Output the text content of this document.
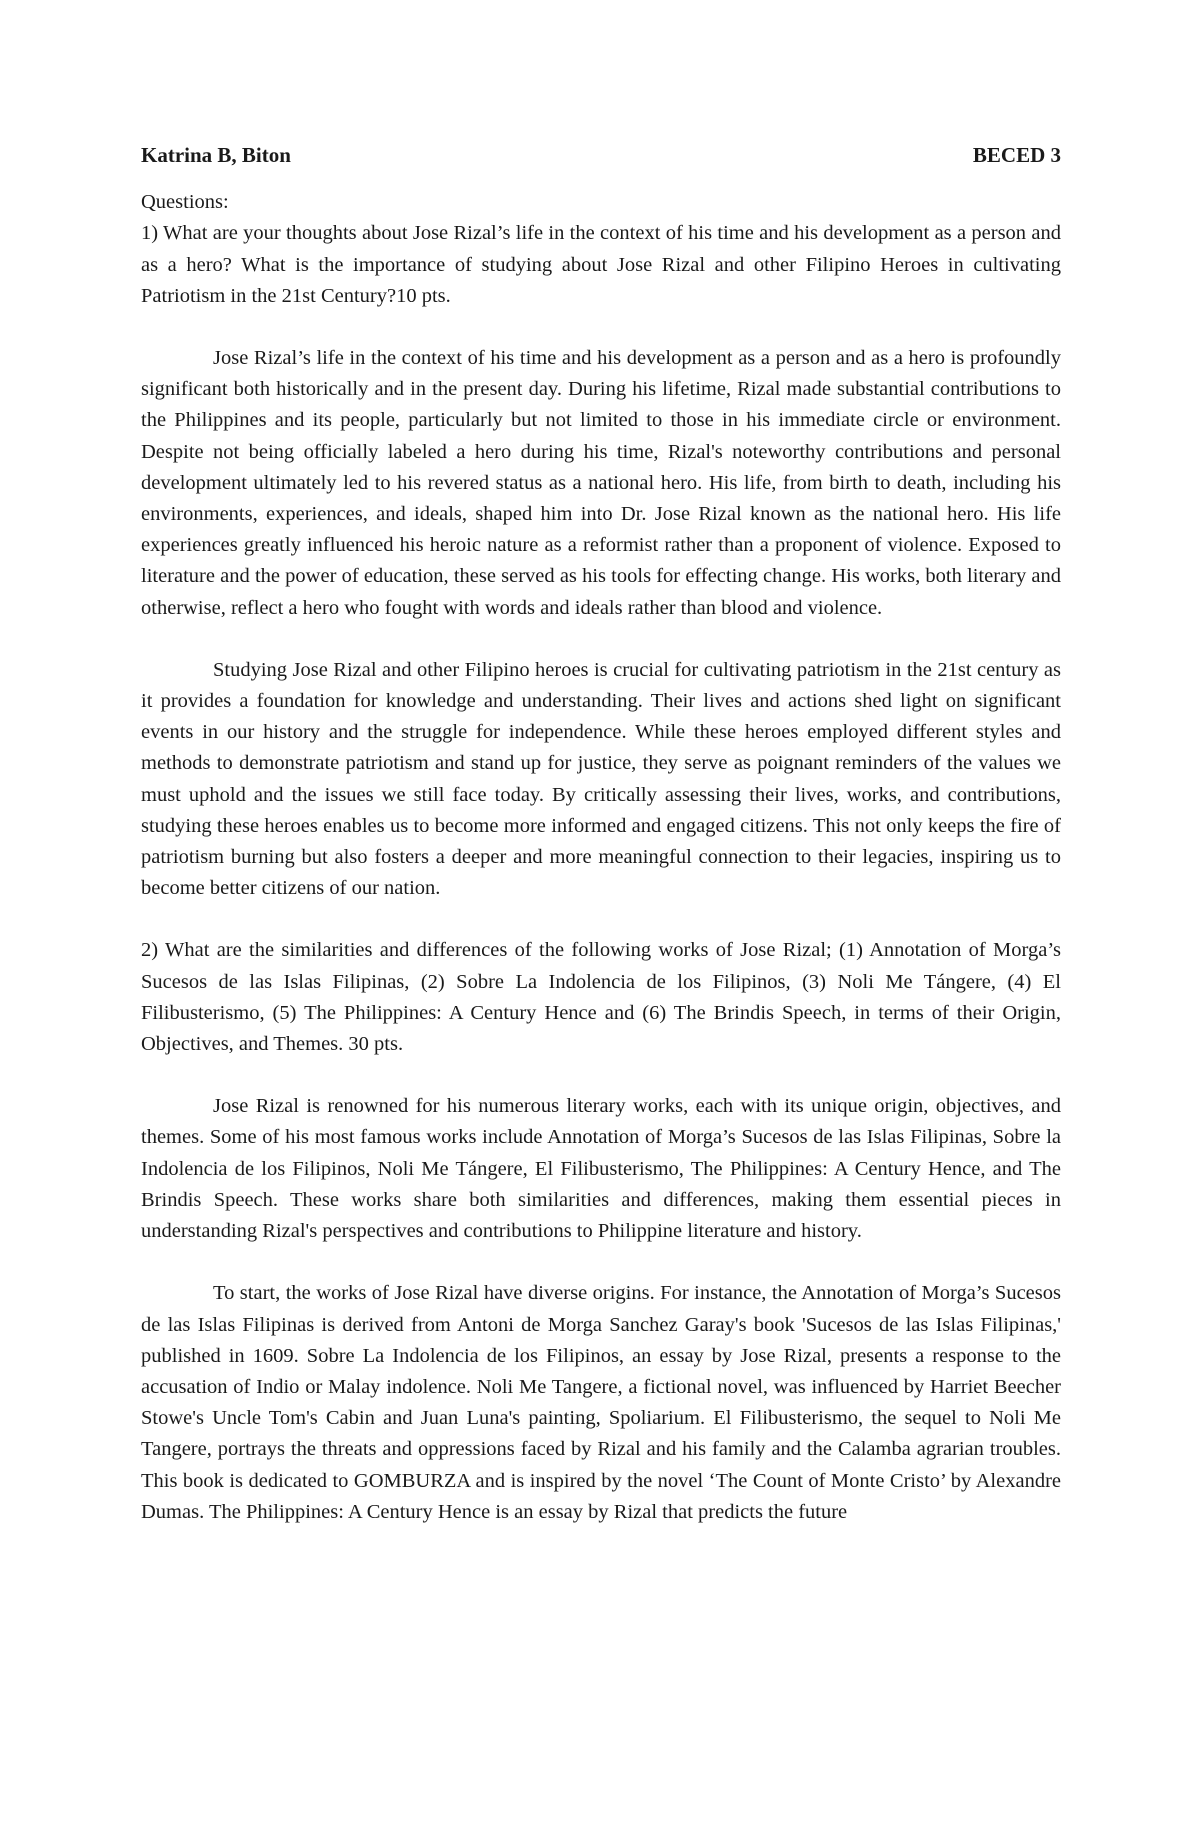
Katrina B, Biton	BECED 3

Questions:

1) What are your thoughts about Jose Rizal’s life in the context of his time and his development as a person and as a hero? What is the importance of studying about Jose Rizal and other Filipino Heroes in cultivating Patriotism in the 21st Century?10 pts.

Jose Rizal’s life in the context of his time and his development as a person and as a hero is profoundly significant both historically and in the present day. During his lifetime, Rizal made substantial contributions to the Philippines and its people, particularly but not limited to those in his immediate circle or environment. Despite not being officially labeled a hero during his time, Rizal's noteworthy contributions and personal development ultimately led to his revered status as a national hero. His life, from birth to death, including his environments, experiences, and ideals, shaped him into Dr. Jose Rizal known as the national hero. His life experiences greatly influenced his heroic nature as a reformist rather than a proponent of violence. Exposed to literature and the power of education, these served as his tools for effecting change. His works, both literary and otherwise, reflect a hero who fought with words and ideals rather than blood and violence.

Studying Jose Rizal and other Filipino heroes is crucial for cultivating patriotism in the 21st century as it provides a foundation for knowledge and understanding. Their lives and actions shed light on significant events in our history and the struggle for independence. While these heroes employed different styles and methods to demonstrate patriotism and stand up for justice, they serve as poignant reminders of the values we must uphold and the issues we still face today. By critically assessing their lives, works, and contributions, studying these heroes enables us to become more informed and engaged citizens. This not only keeps the fire of patriotism burning but also fosters a deeper and more meaningful connection to their legacies, inspiring us to become better citizens of our nation.

2) What are the similarities and differences of the following works of Jose Rizal; (1) Annotation of Morga’s Sucesos de las Islas Filipinas, (2) Sobre La Indolencia de los Filipinos, (3) Noli Me Tángere, (4) El Filibusterismo, (5) The Philippines: A Century Hence and (6) The Brindis Speech, in terms of their Origin, Objectives, and Themes. 30 pts.

Jose Rizal is renowned for his numerous literary works, each with its unique origin, objectives, and themes. Some of his most famous works include Annotation of Morga’s Sucesos de las Islas Filipinas, Sobre la Indolencia de los Filipinos, Noli Me Tángere, El Filibusterismo, The Philippines: A Century Hence, and The Brindis Speech. These works share both similarities and differences, making them essential pieces in understanding Rizal's perspectives and contributions to Philippine literature and history.

To start, the works of Jose Rizal have diverse origins. For instance, the Annotation of Morga’s Sucesos de las Islas Filipinas is derived from Antoni de Morga Sanchez Garay's book 'Sucesos de las Islas Filipinas,' published in 1609. Sobre La Indolencia de los Filipinos, an essay by Jose Rizal, presents a response to the accusation of Indio or Malay indolence. Noli Me Tangere, a fictional novel, was influenced by Harriet Beecher Stowe's Uncle Tom's Cabin and Juan Luna's painting, Spoliarium. El Filibusterismo, the sequel to Noli Me Tangere, portrays the threats and oppressions faced by Rizal and his family and the Calamba agrarian troubles. This book is dedicated to GOMBURZA and is inspired by the novel ‘The Count of Monte Cristo’ by Alexandre Dumas. The Philippines: A Century Hence is an essay by Rizal that predicts the future
